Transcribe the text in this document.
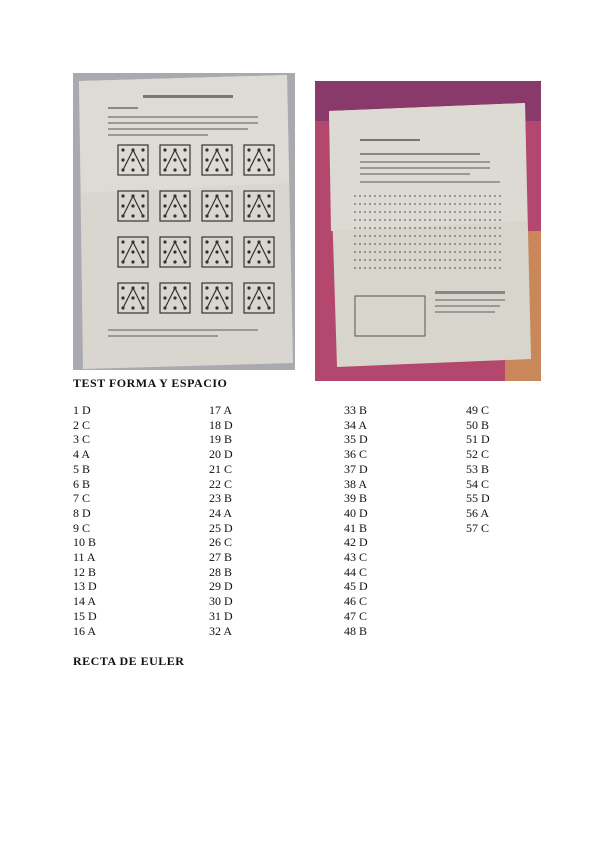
TEST FORMA Y ESPACIO
1 D
2 C
3 C
4 A
5 B
6 B
7 C
8 D
9 C
10 B
11 A
12 B
13 D
14 A
15 D
16 A
17 A
18 D
19 B
20 D
21 C
22 C
23 B
24 A
25 D
26 C
27 B
28 B
29 D
30 D
31 D
32 A
33 B
34 A
35 D
36 C
37 D
38 A
39 B
40 D
41 B
42 D
43 C
44 C
45 D
46 C
47 C
48 B
49 C
50 B
51 D
52 C
53 B
54 C
55 D
56 A
57 C
RECTA DE EULER
